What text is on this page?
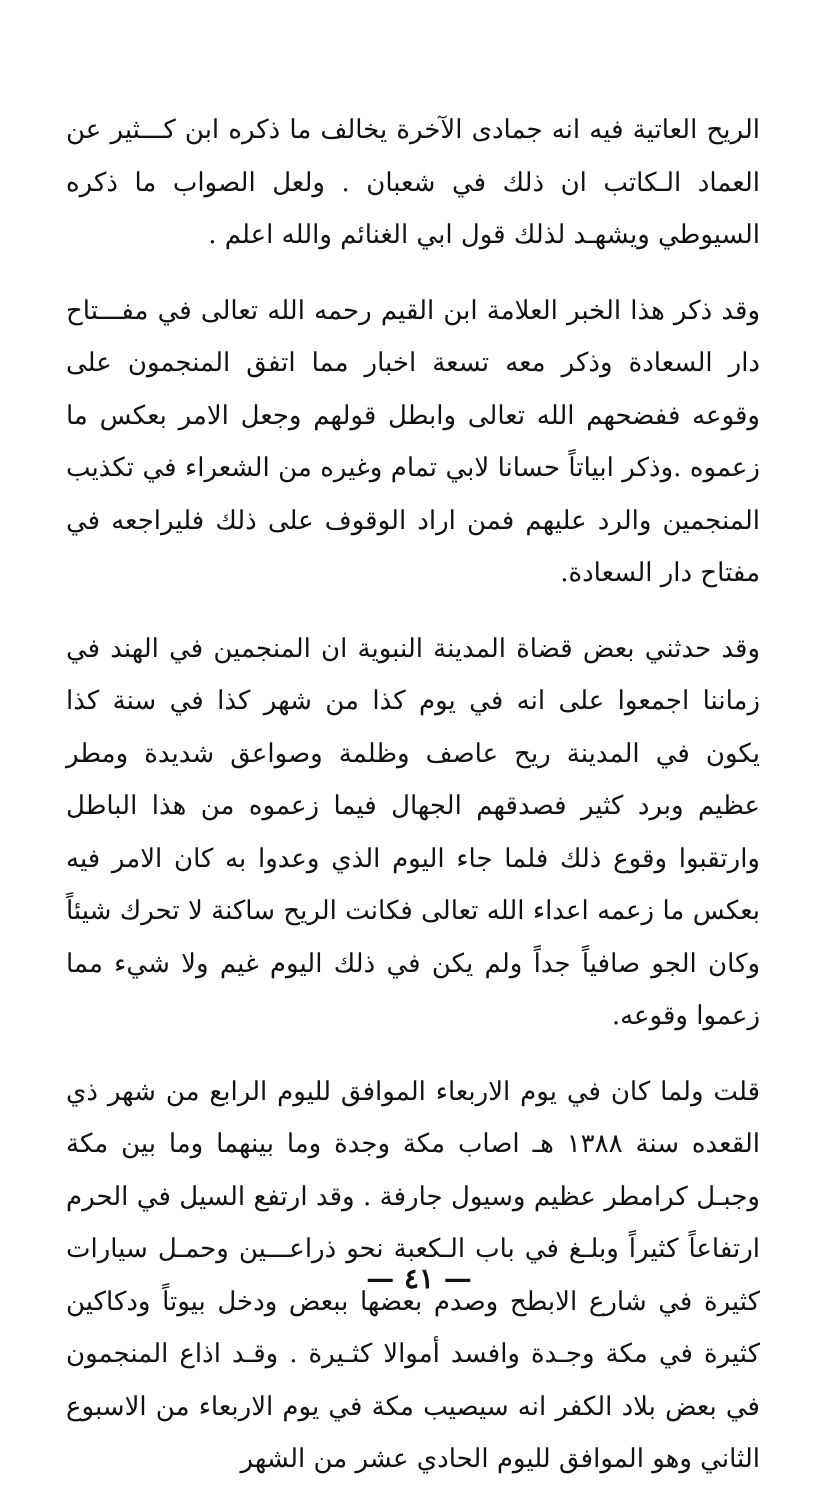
الريح العاتية فيه انه جمادى الآخرة يخالف ما ذكره ابن كـــثير عن العماد الـكاتب ان ذلك في شعبان . ولعل الصواب ما ذكره السيوطي ويشهـد لذلك قول ابي الغنائم والله اعلم .

وقد ذكر هذا الخبر العلامة ابن القيم رحمه الله تعالى في مفـــتاح دار السعادة وذكر معه تسعة اخبار مما اتفق المنجمون على وقوعه ففضحهم الله تعالى وابطل قولهم وجعل الامر بعكس ما زعموه .وذكر ابياتاً حسانا لابي تمام وغيره من الشعراء في تكذيب المنجمين والرد عليهم فمن اراد الوقوف على ذلك فليراجعه في مفتاح دار السعادة.

وقد حدثني بعض قضاة المدينة النبوية ان المنجمين في الهند في زماننا اجمعوا على انه في يوم كذا من شهر كذا في سنة كذا يكون في المدينة ريح عاصف وظلمة وصواعق شديدة ومطر عظيم وبرد كثير فصدقهم الجهال فيما زعموه من هذا الباطل وارتقبوا وقوع ذلك فلما جاء اليوم الذي وعدوا به كان الامر فيه بعكس ما زعمه اعداء الله تعالى فكانت الريح ساكنة لا تحرك شيئاً وكان الجو صافياً جداً ولم يكن في ذلك اليوم غيم ولا شيء مما زعموا وقوعه.

قلت ولما كان في يوم الاربعاء الموافق لليوم الرابع من شهر ذي القعده سنة ١٣٨٨ هـ اصاب مكة وجدة وما بينهما وما بين مكة وجبـل كرامطر عظيم وسيول جارفة . وقد ارتفع السيل في الحرم ارتفاعاً كثيراً وبلـغ في باب الـكعبة نحو ذراعـــين وحمـل سيارات كثيرة في شارع الابطح وصدم بعضها ببعض ودخل بيوتاً ودكاكين كثيرة في مكة وجـدة وافسد أموالا كثـيرة . وقـد اذاع المنجمون في بعض بلاد الكفر انه سيصيب مكة في يوم الاربعاء من الاسبوع الثاني وهو الموافق لليوم الحادي عشر من الشهر

— ٤١ —
